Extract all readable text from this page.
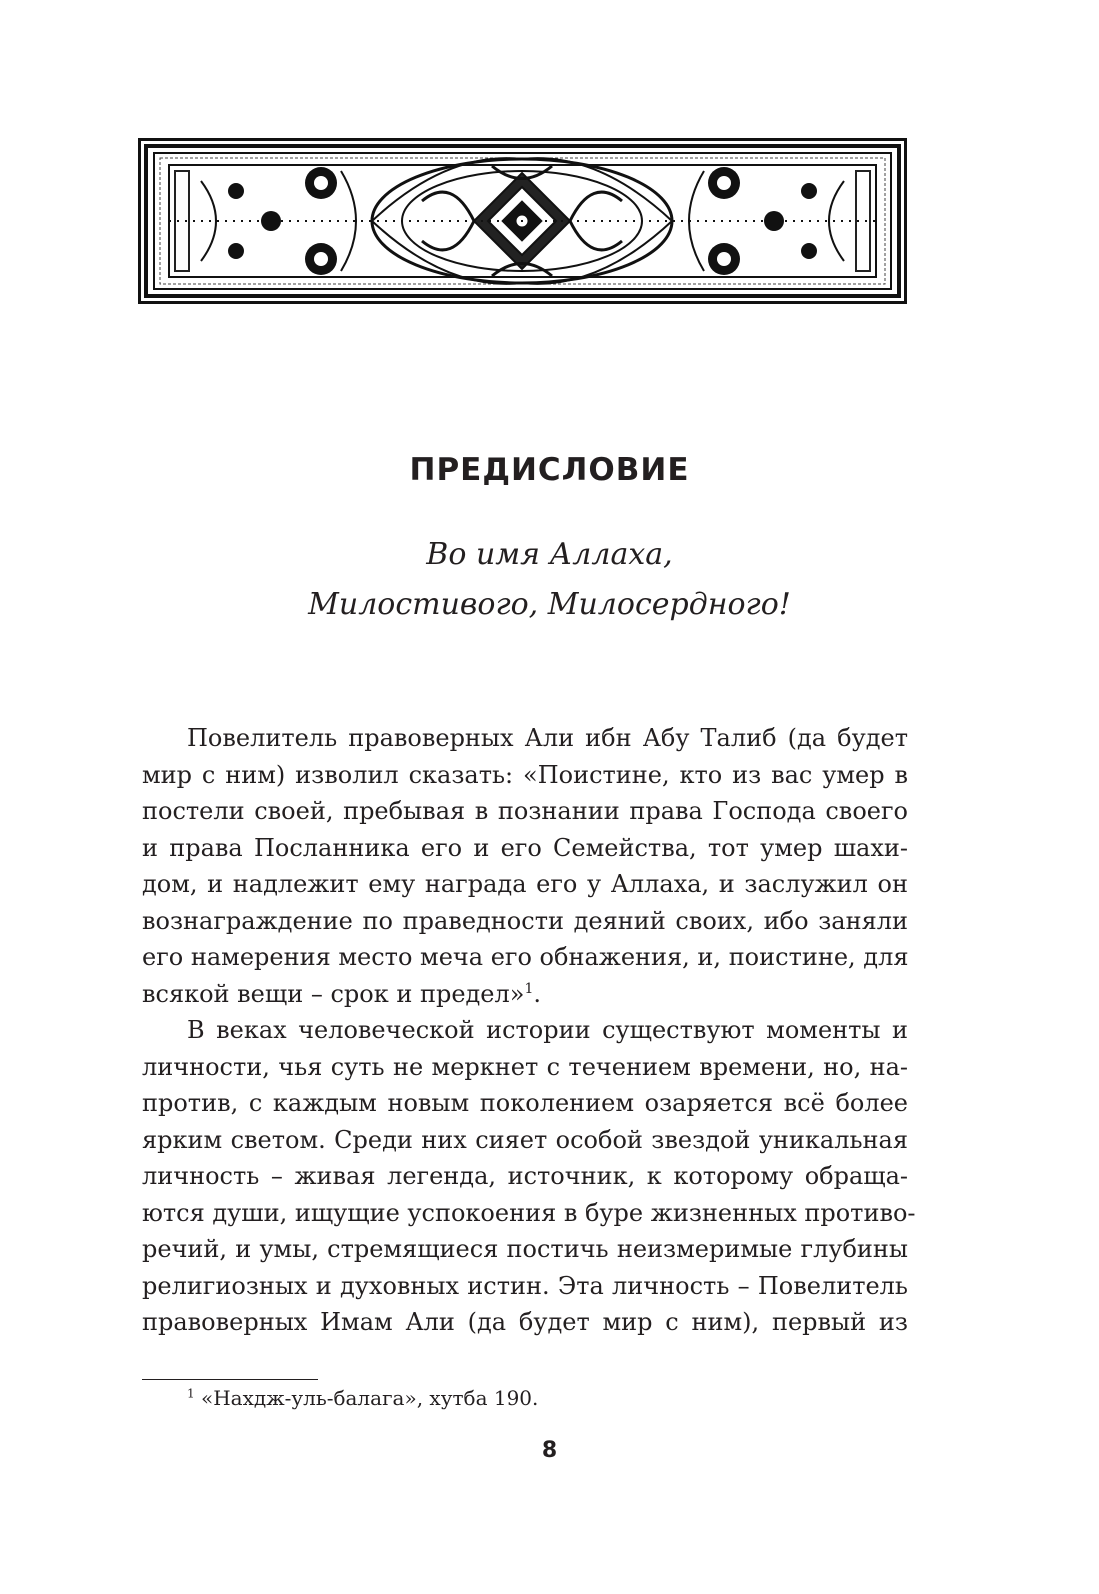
ПРЕДИСЛОВИЕ
Во имя Аллаха,
Милостивого, Милосердного!
Повелитель правоверных Али ибн Абу Талиб (да будет
мир с ним) изволил сказать: «Поистине, кто из вас умер в
постели своей, пребывая в познании права Господа своего
и права Посланника его и его Семейства, тот умер шахи-
дом, и надлежит ему награда его у Аллаха, и заслужил он
вознаграждение по праведности деяний своих, ибо заняли
его намерения место меча его обнажения, и, поистине, для
всякой вещи – срок и предел»$^1$.
В веках человеческой истории существуют моменты и
личности, чья суть не меркнет с течением времени, но, на-
против, с каждым новым поколением озаряется всё более
ярким светом. Среди них сияет особой звездой уникальная
личность – живая легенда, источник, к которому обраща-
ются души, ищущие успокоения в буре жизненных противо-
речий, и умы, стремящиеся постичь неизмеримые глубины
религиозных и духовных истин. Эта личность – Повелитель
правоверных Имам Али (да будет мир с ним), первый из
$^1$ «Нахдж-уль-балага», хутба 190.
8
